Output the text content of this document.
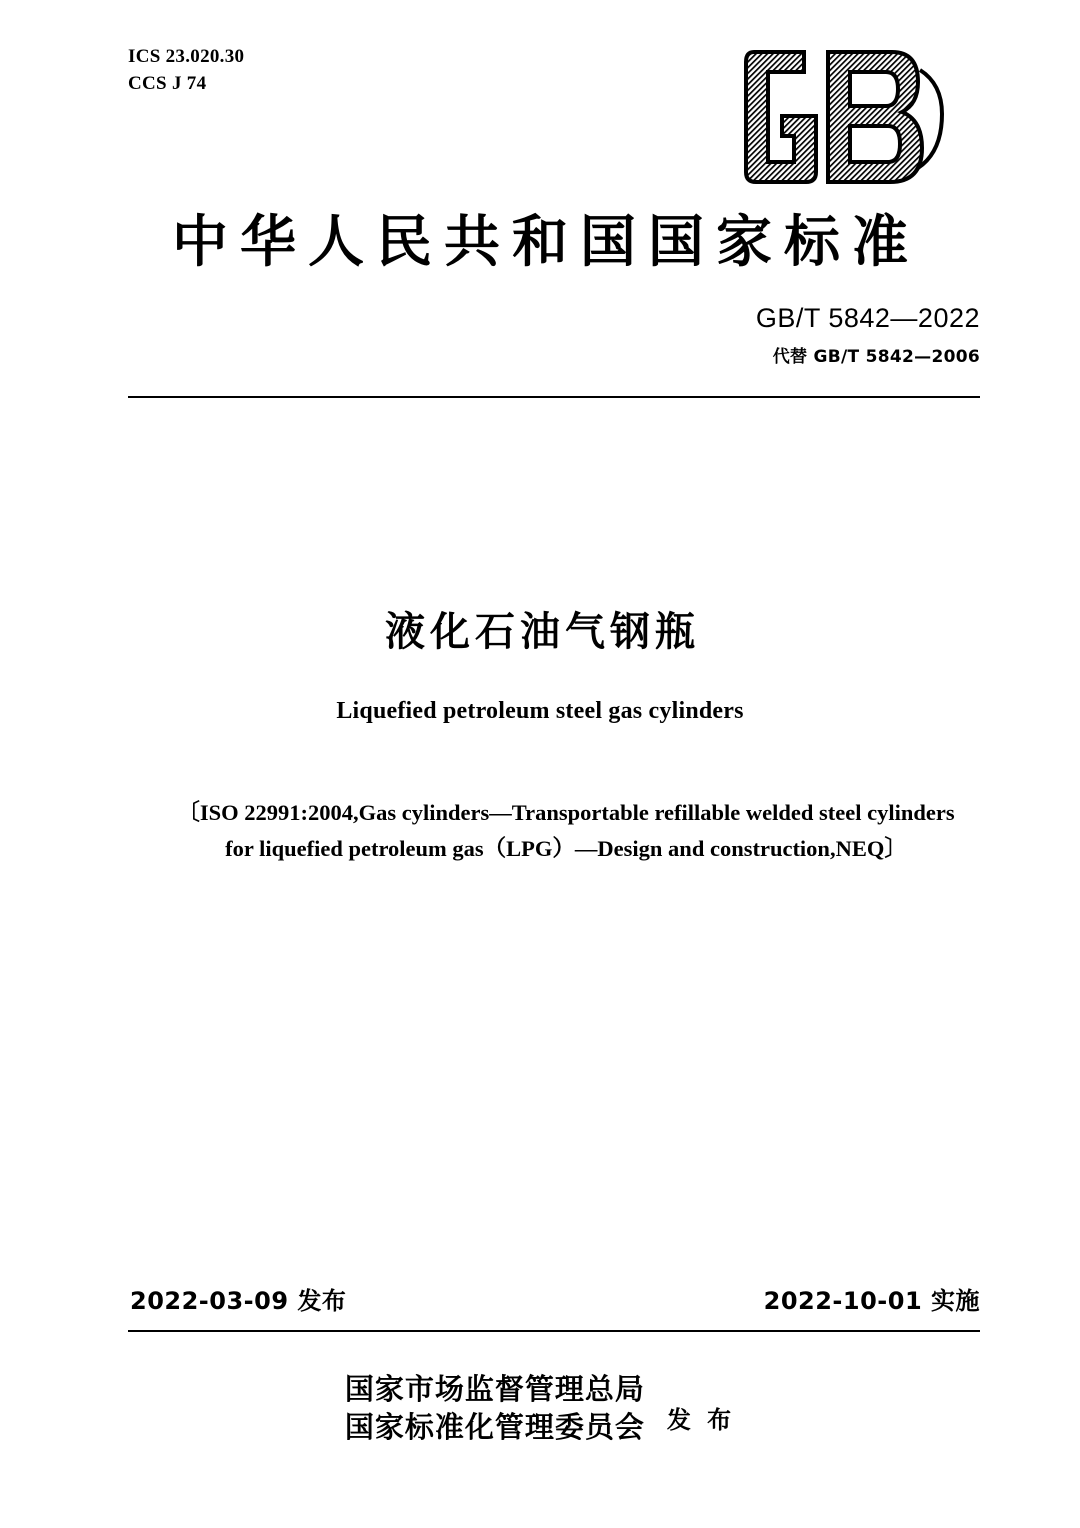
ICS 23.020.30
CCS J 74
中华人民共和国国家标准
GB/T 5842—2022
代替 GB/T 5842—2006
液化石油气钢瓶
Liquefied petroleum steel gas cylinders
〔ISO 22991:2004,Gas cylinders—Transportable refillable welded steel cylinders
for liquefied petroleum gas（LPG）—Design and construction,NEQ〕
2022-03-09 发布	2022-10-01 实施
国家市场监督管理总局
国家标准化管理委员会 发 布
